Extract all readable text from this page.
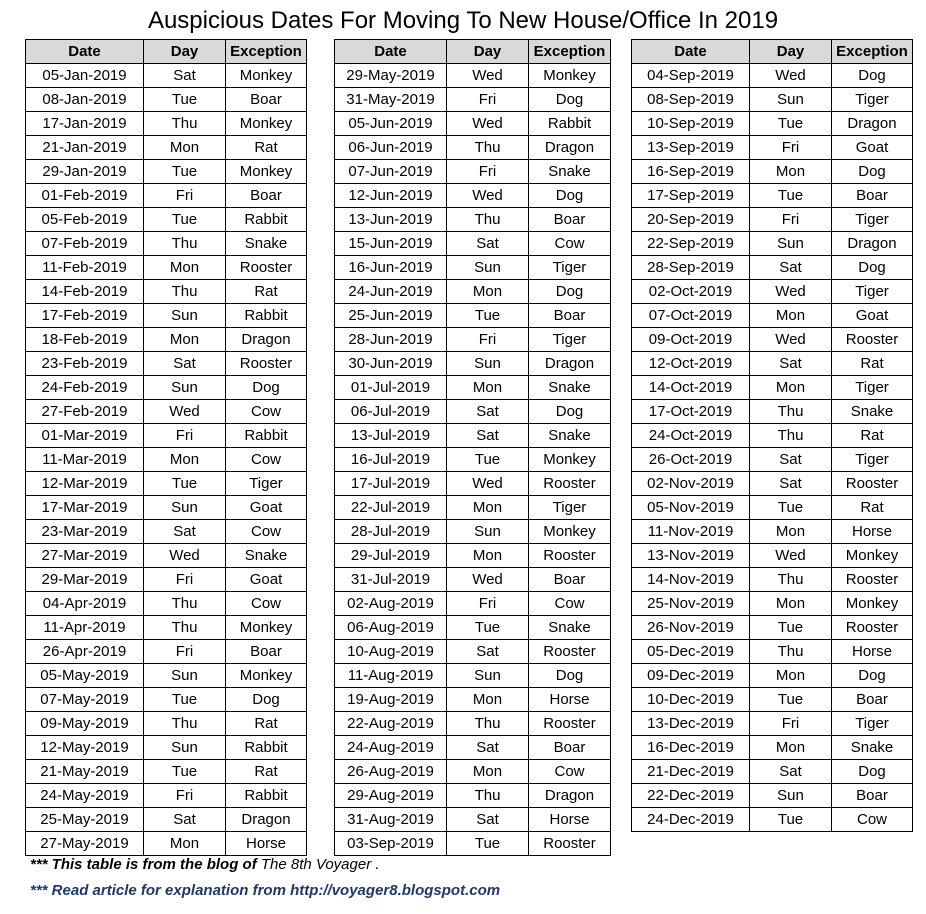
Auspicious Dates For Moving To New House/Office In 2019
Date	Day	Exception
05-Jan-2019	Sat	Monkey
08-Jan-2019	Tue	Boar
17-Jan-2019	Thu	Monkey
21-Jan-2019	Mon	Rat
29-Jan-2019	Tue	Monkey
01-Feb-2019	Fri	Boar
05-Feb-2019	Tue	Rabbit
07-Feb-2019	Thu	Snake
11-Feb-2019	Mon	Rooster
14-Feb-2019	Thu	Rat
17-Feb-2019	Sun	Rabbit
18-Feb-2019	Mon	Dragon
23-Feb-2019	Sat	Rooster
24-Feb-2019	Sun	Dog
27-Feb-2019	Wed	Cow
01-Mar-2019	Fri	Rabbit
11-Mar-2019	Mon	Cow
12-Mar-2019	Tue	Tiger
17-Mar-2019	Sun	Goat
23-Mar-2019	Sat	Cow
27-Mar-2019	Wed	Snake
29-Mar-2019	Fri	Goat
04-Apr-2019	Thu	Cow
11-Apr-2019	Thu	Monkey
26-Apr-2019	Fri	Boar
05-May-2019	Sun	Monkey
07-May-2019	Tue	Dog
09-May-2019	Thu	Rat
12-May-2019	Sun	Rabbit
21-May-2019	Tue	Rat
24-May-2019	Fri	Rabbit
25-May-2019	Sat	Dragon
27-May-2019	Mon	Horse
Date	Day	Exception
29-May-2019	Wed	Monkey
31-May-2019	Fri	Dog
05-Jun-2019	Wed	Rabbit
06-Jun-2019	Thu	Dragon
07-Jun-2019	Fri	Snake
12-Jun-2019	Wed	Dog
13-Jun-2019	Thu	Boar
15-Jun-2019	Sat	Cow
16-Jun-2019	Sun	Tiger
24-Jun-2019	Mon	Dog
25-Jun-2019	Tue	Boar
28-Jun-2019	Fri	Tiger
30-Jun-2019	Sun	Dragon
01-Jul-2019	Mon	Snake
06-Jul-2019	Sat	Dog
13-Jul-2019	Sat	Snake
16-Jul-2019	Tue	Monkey
17-Jul-2019	Wed	Rooster
22-Jul-2019	Mon	Tiger
28-Jul-2019	Sun	Monkey
29-Jul-2019	Mon	Rooster
31-Jul-2019	Wed	Boar
02-Aug-2019	Fri	Cow
06-Aug-2019	Tue	Snake
10-Aug-2019	Sat	Rooster
11-Aug-2019	Sun	Dog
19-Aug-2019	Mon	Horse
22-Aug-2019	Thu	Rooster
24-Aug-2019	Sat	Boar
26-Aug-2019	Mon	Cow
29-Aug-2019	Thu	Dragon
31-Aug-2019	Sat	Horse
03-Sep-2019	Tue	Rooster
Date	Day	Exception
04-Sep-2019	Wed	Dog
08-Sep-2019	Sun	Tiger
10-Sep-2019	Tue	Dragon
13-Sep-2019	Fri	Goat
16-Sep-2019	Mon	Dog
17-Sep-2019	Tue	Boar
20-Sep-2019	Fri	Tiger
22-Sep-2019	Sun	Dragon
28-Sep-2019	Sat	Dog
02-Oct-2019	Wed	Tiger
07-Oct-2019	Mon	Goat
09-Oct-2019	Wed	Rooster
12-Oct-2019	Sat	Rat
14-Oct-2019	Mon	Tiger
17-Oct-2019	Thu	Snake
24-Oct-2019	Thu	Rat
26-Oct-2019	Sat	Tiger
02-Nov-2019	Sat	Rooster
05-Nov-2019	Tue	Rat
11-Nov-2019	Mon	Horse
13-Nov-2019	Wed	Monkey
14-Nov-2019	Thu	Rooster
25-Nov-2019	Mon	Monkey
26-Nov-2019	Tue	Rooster
05-Dec-2019	Thu	Horse
09-Dec-2019	Mon	Dog
10-Dec-2019	Tue	Boar
13-Dec-2019	Fri	Tiger
16-Dec-2019	Mon	Snake
21-Dec-2019	Sat	Dog
22-Dec-2019	Sun	Boar
24-Dec-2019	Tue	Cow
*** This table is from the blog of The 8th Voyager .
*** Read article for explanation from http://voyager8.blogspot.com
